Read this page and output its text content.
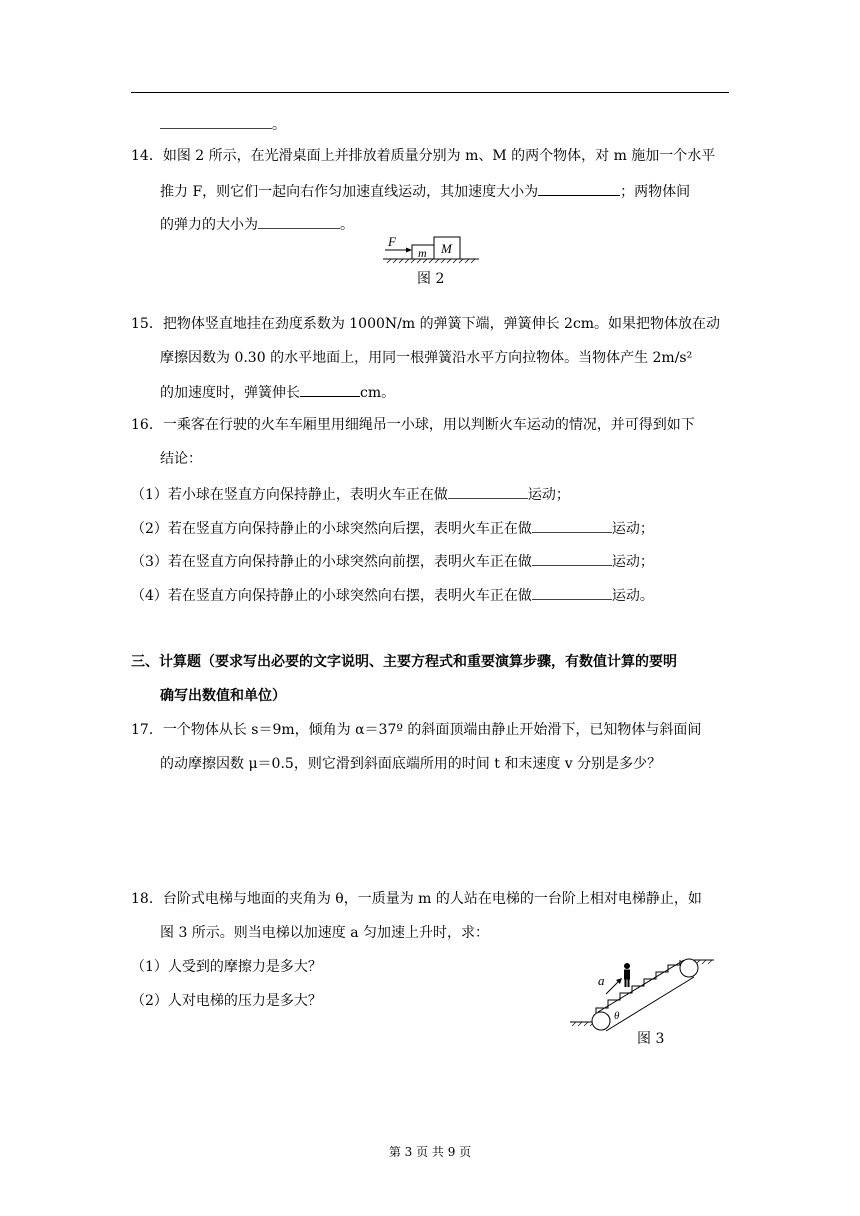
。
14．如图 2 所示，在光滑桌面上并排放着质量分别为 m、M 的两个物体，对 m 施加一个水平
推力 F，则它们一起向右作匀加速直线运动，其加速度大小为	；两物体间
的弹力的大小为	。
F
m M
图 2
15．把物体竖直地挂在劲度系数为 1000N/m 的弹簧下端，弹簧伸长 2cm。如果把物体放在动
摩擦因数为 0.30 的水平地面上，用同一根弹簧沿水平方向拉物体。当物体产生 2m/s²
的加速度时，弹簧伸长	cm。
16．一乘客在行驶的火车车厢里用细绳吊一小球，用以判断火车运动的情况，并可得到如下
结论：
（1）若小球在竖直方向保持静止，表明火车正在做	运动；
（2）若在竖直方向保持静止的小球突然向后摆，表明火车正在做	运动；
（3）若在竖直方向保持静止的小球突然向前摆，表明火车正在做	运动；
（4）若在竖直方向保持静止的小球突然向右摆，表明火车正在做	运动。
三、计算题（要求写出必要的文字说明、主要方程式和重要演算步骤，有数值计算的要明
确写出数值和单位）
17．一个物体从长 s＝9m，倾角为 α＝37º 的斜面顶端由静止开始滑下，已知物体与斜面间
的动摩擦因数 μ＝0.5，则它滑到斜面底端所用的时间 t 和末速度 v 分别是多少？
18．台阶式电梯与地面的夹角为 θ，一质量为 m 的人站在电梯的一台阶上相对电梯静止，如
图 3 所示。则当电梯以加速度 a 匀加速上升时，求：
（1）人受到的摩擦力是多大？
（2）人对电梯的压力是多大？
a
θ
图 3
第 3 页 共 9 页
